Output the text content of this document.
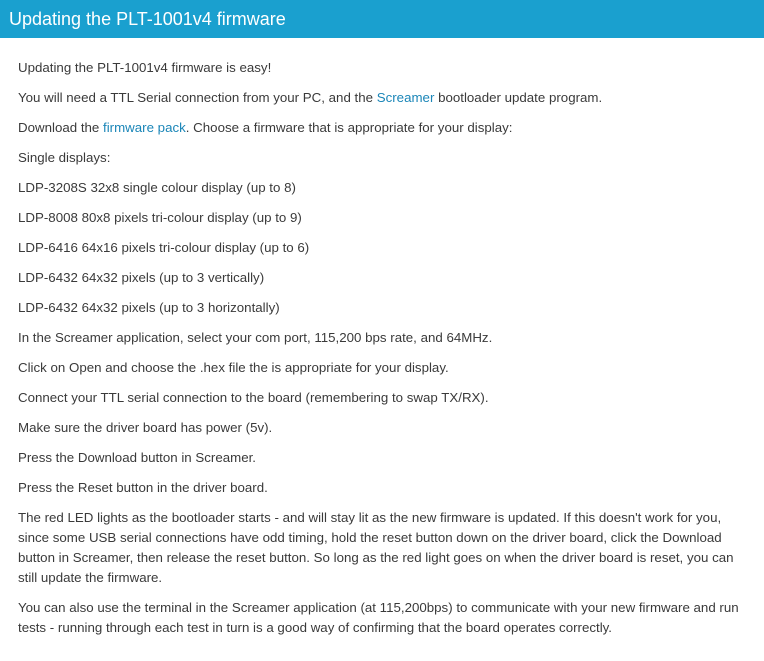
Updating the PLT-1001v4 firmware

Updating the PLT-1001v4 firmware is easy!

You will need a TTL Serial connection from your PC, and the Screamer bootloader update program.

Download the firmware pack. Choose a firmware that is appropriate for your display:

Single displays:

LDP-3208S 32x8 single colour display (up to 8)

LDP-8008 80x8 pixels tri-colour display (up to 9)

LDP-6416 64x16 pixels tri-colour display (up to 6)

LDP-6432 64x32 pixels (up to 3 vertically)

LDP-6432 64x32 pixels (up to 3 horizontally)

In the Screamer application, select your com port, 115,200 bps rate, and 64MHz.

Click on Open and choose the .hex file the is appropriate for your display.

Connect your TTL serial connection to the board (remembering to swap TX/RX).

Make sure the driver board has power (5v).

Press the Download button in Screamer.

Press the Reset button in the driver board.

The red LED lights as the bootloader starts - and will stay lit as the new firmware is updated. If this doesn't work for you, since some USB serial connections have odd timing, hold the reset button down on the driver board, click the Download button in Screamer, then release the reset button. So long as the red light goes on when the driver board is reset, you can still update the firmware.

You can also use the terminal in the Screamer application (at 115,200bps) to communicate with your new firmware and run tests - running through each test in turn is a good way of confirming that the board operates correctly.
